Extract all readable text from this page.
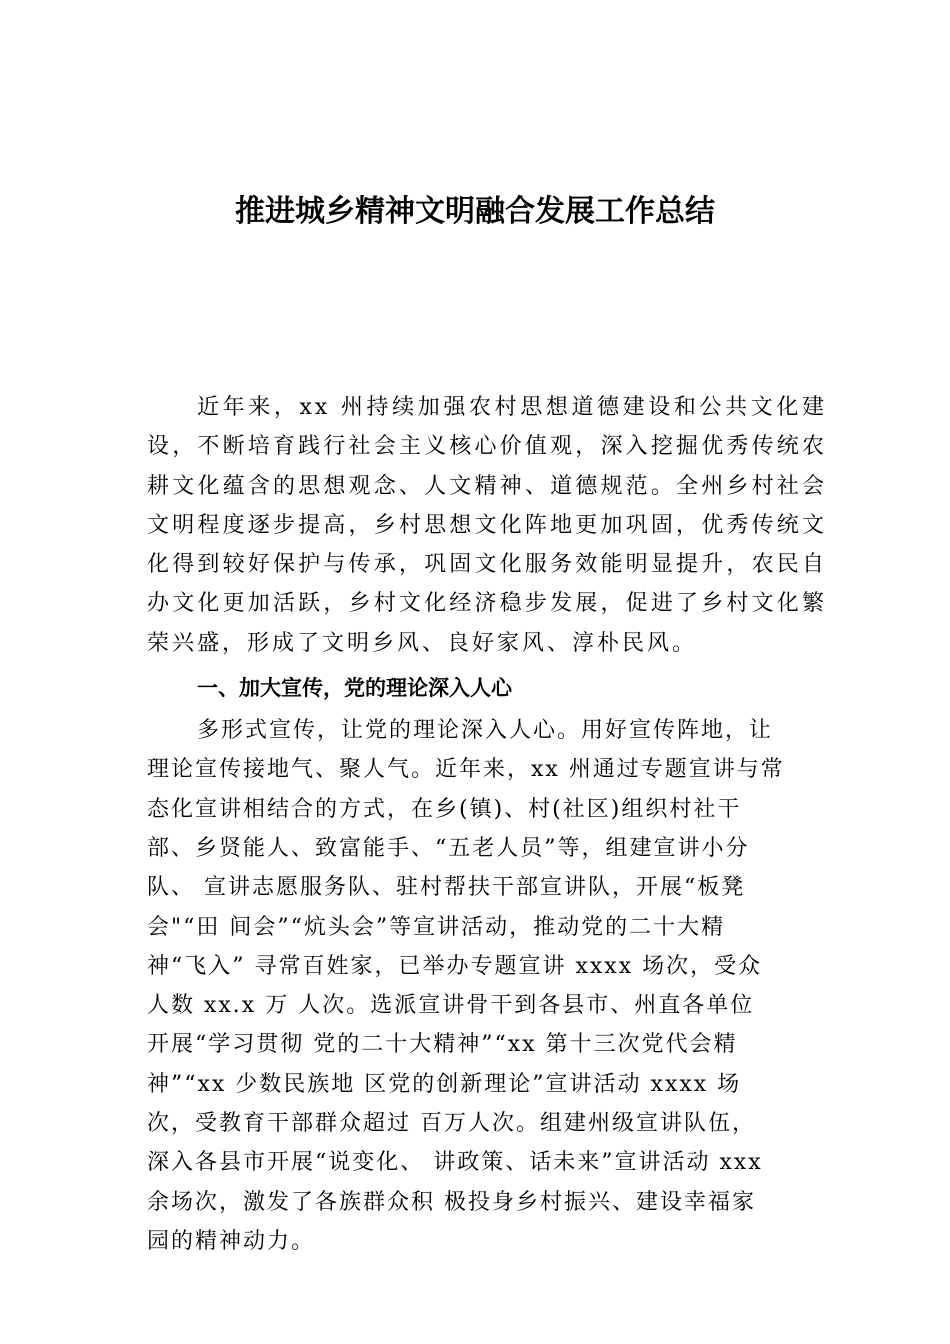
推进城乡精神文明融合发展工作总结

近年来，xx 州持续加强农村思想道德建设和公共文化建设，不断培育践行社会主义核心价值观，深入挖掘优秀传统农耕文化蕴含的思想观念、人文精神、道德规范。全州乡村社会文明程度逐步提高，乡村思想文化阵地更加巩固，优秀传统文化得到较好保护与传承，巩固文化服务效能明显提升，农民自办文化更加活跃，乡村文化经济稳步发展，促进了乡村文化繁荣兴盛，形成了文明乡风、良好家风、淳朴民风。

一、加大宣传，党的理论深入人心

多形式宣传，让党的理论深入人心。用好宣传阵地，让
理论宣传接地气、聚人气。近年来，xx 州通过专题宣讲与常
态化宣讲相结合的方式，在乡(镇)、村(社区)组织村社干
部、乡贤能人、致富能手、“五老人员”等，组建宣讲小分
队、 宣讲志愿服务队、驻村帮扶干部宣讲队，开展“板凳
会"“田 间会”“炕头会”等宣讲活动，推动党的二十大精
神“飞入” 寻常百姓家，已举办专题宣讲 xxxx 场次，受众
人数 xx.x 万 人次。选派宣讲骨干到各县市、州直各单位
开展“学习贯彻 党的二十大精神”“xx 第十三次党代会精
神”“xx 少数民族地 区党的创新理论”宣讲活动 xxxx 场
次，受教育干部群众超过 百万人次。组建州级宣讲队伍，
深入各县市开展“说变化、 讲政策、话未来”宣讲活动 xxx
余场次，激发了各族群众积 极投身乡村振兴、建设幸福家
园的精神动力。
